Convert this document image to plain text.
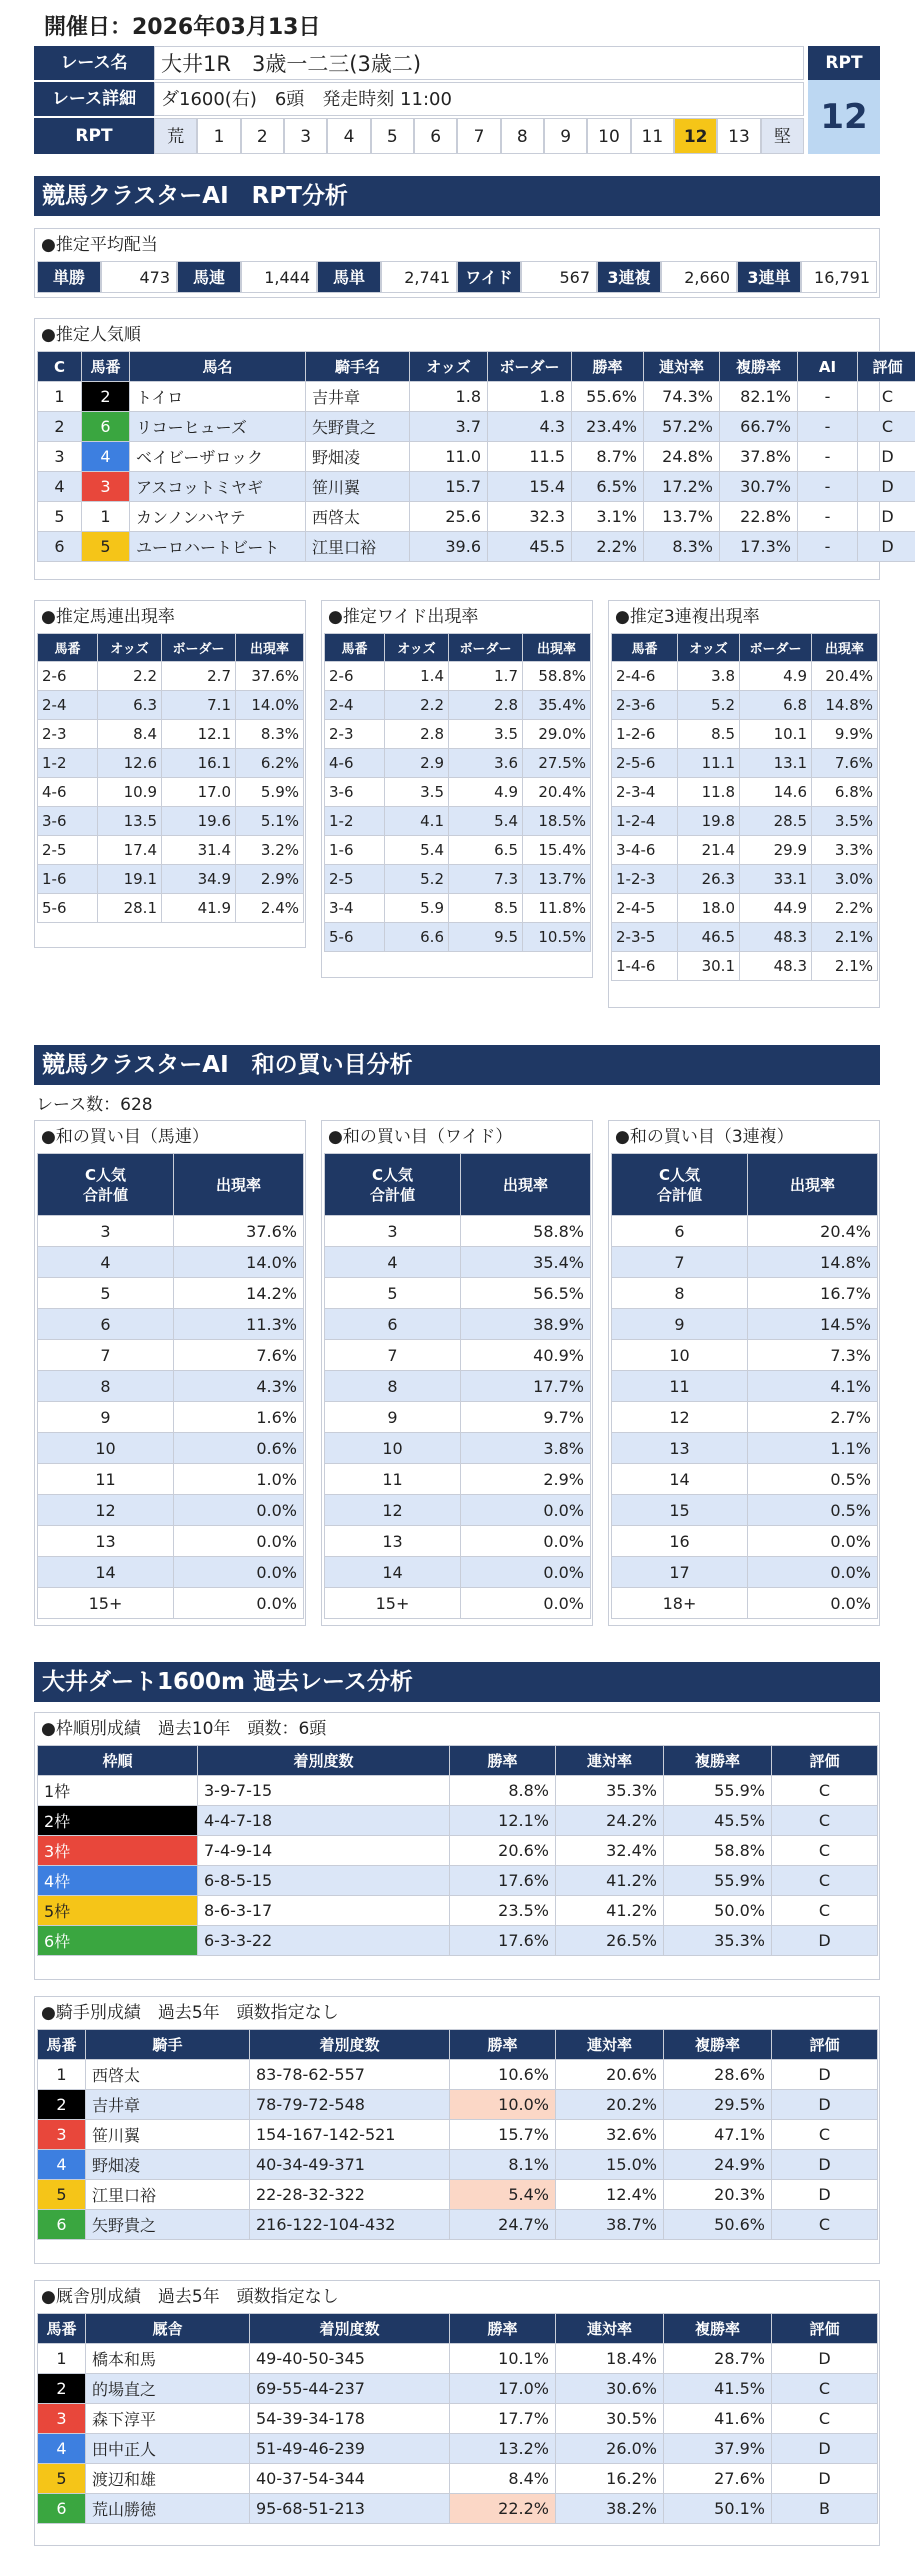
開催日：2026年03月13日
レース名	大井1R　3歳一二三(3歳二)
レース詳細	ダ1600(右)　 6頭　 発走時刻 11:00
RPT	荒	1	2	3	4	5	6	7	8	9	10	11	12	13	堅
RPT
12
競馬クラスターAI　RPT分析
●推定平均配当
単勝	473	馬連	1,444	馬単	2,741 ワイド	567	3連複	2,660	3連単	16,791
●推定人気順
C	馬番	馬名	騎手名	オッズ	ボーダー	勝率	連対率	複勝率	AI	評価
1	2	トイロ	吉井章	1.8	1.8	55.6%	74.3%	82.1%	-	C
2	6	リコーヒューズ	矢野貴之	3.7	4.3	23.4%	57.2%	66.7%	-	C
3	4	ベイビーザロック	野畑凌	11.0	11.5	8.7%	24.8%	37.8%	-	D
4	3	アスコットミヤギ	笹川翼	15.7	15.4	6.5%	17.2%	30.7%	-	D
5	1	カンノンハヤテ	西啓太	25.6	32.3	3.1%	13.7%	22.8%	-	D
6	5	ユーロハートビート	江里口裕	39.6	45.5	2.2%	8.3%	17.3%	-	D
●推定馬連出現率
馬番	オッズ	ボーダー	出現率
2-6	2.2	2.7	37.6%
2-4	6.3	7.1	14.0%
2-3	8.4	12.1	8.3%
1-2	12.6	16.1	6.2%
4-6	10.9	17.0	5.9%
3-6	13.5	19.6	5.1%
2-5	17.4	31.4	3.2%
1-6	19.1	34.9	2.9%
5-6	28.1	41.9	2.4%
●推定ワイド出現率
馬番	オッズ	ボーダー	出現率
2-6	1.4	1.7	58.8%
2-4	2.2	2.8	35.4%
2-3	2.8	3.5	29.0%
4-6	2.9	3.6	27.5%
3-6	3.5	4.9	20.4%
1-2	4.1	5.4	18.5%
1-6	5.4	6.5	15.4%
2-5	5.2	7.3	13.7%
3-4	5.9	8.5	11.8%
5-6	6.6	9.5	10.5%
●推定3連複出現率
馬番	オッズ	ボーダー	出現率
2-4-6	3.8	4.9	20.4%
2-3-6	5.2	6.8	14.8%
1-2-6	8.5	10.1	9.9%
2-5-6	11.1	13.1	7.6%
2-3-4	11.8	14.6	6.8%
1-2-4	19.8	28.5	3.5%
3-4-6	21.4	29.9	3.3%
1-2-3	26.3	33.1	3.0%
2-4-5	18.0	44.9	2.2%
2-3-5	46.5	48.3	2.1%
1-4-6	30.1	48.3	2.1%
競馬クラスターAI　和の買い目分析
レース数：628
●和の買い目（馬連）
C人気
合計値	出現率
3	37.6%
4	14.0%
5	14.2%
6	11.3%
7	7.6%
8	4.3%
9	1.6%
10	0.6%
11	1.0%
12	0.0%
13	0.0%
14	0.0%
15+	0.0%
●和の買い目（ワイド）
C人気
合計値	出現率
3	58.8%
4	35.4%
5	56.5%
6	38.9%
7	40.9%
8	17.7%
9	9.7%
10	3.8%
11	2.9%
12	0.0%
13	0.0%
14	0.0%
15+	0.0%
●和の買い目（3連複）
C人気
合計値	出現率
6	20.4%
7	14.8%
8	16.7%
9	14.5%
10	7.3%
11	4.1%
12	2.7%
13	1.1%
14	0.5%
15	0.5%
16	0.0%
17	0.0%
18+	0.0%
大井ダート1600m 過去レース分析
●枠順別成績　過去10年　頭数：6頭
枠順	着別度数	勝率	連対率	複勝率	評価
1枠	3-9-7-15	8.8%	35.3%	55.9%	C
2枠	4-4-7-18	12.1%	24.2%	45.5%	C
3枠	7-4-9-14	20.6%	32.4%	58.8%	C
4枠	6-8-5-15	17.6%	41.2%	55.9%	C
5枠	8-6-3-17	23.5%	41.2%	50.0%	C
6枠	6-3-3-22	17.6%	26.5%	35.3%	D
●騎手別成績　過去5年　頭数指定なし
馬番	騎手	着別度数	勝率	連対率	複勝率	評価
1	西啓太	83-78-62-557	10.6%	20.6%	28.6%	D
2	吉井章	78-79-72-548	10.0%	20.2%	29.5%	D
3	笹川翼	154-167-142-521	15.7%	32.6%	47.1%	C
4	野畑凌	40-34-49-371	8.1%	15.0%	24.9%	D
5	江里口裕	22-28-32-322	5.4%	12.4%	20.3%	D
6	矢野貴之	216-122-104-432	24.7%	38.7%	50.6%	C
●厩舎別成績　過去5年　頭数指定なし
馬番	厩舎	着別度数	勝率	連対率	複勝率	評価
1	橋本和馬	49-40-50-345	10.1%	18.4%	28.7%	D
2	的場直之	69-55-44-237	17.0%	30.6%	41.5%	C
3	森下淳平	54-39-34-178	17.7%	30.5%	41.6%	C
4	田中正人	51-49-46-239	13.2%	26.0%	37.9%	D
5	渡辺和雄	40-37-54-344	8.4%	16.2%	27.6%	D
6	荒山勝徳	95-68-51-213	22.2%	38.2%	50.1%	B
